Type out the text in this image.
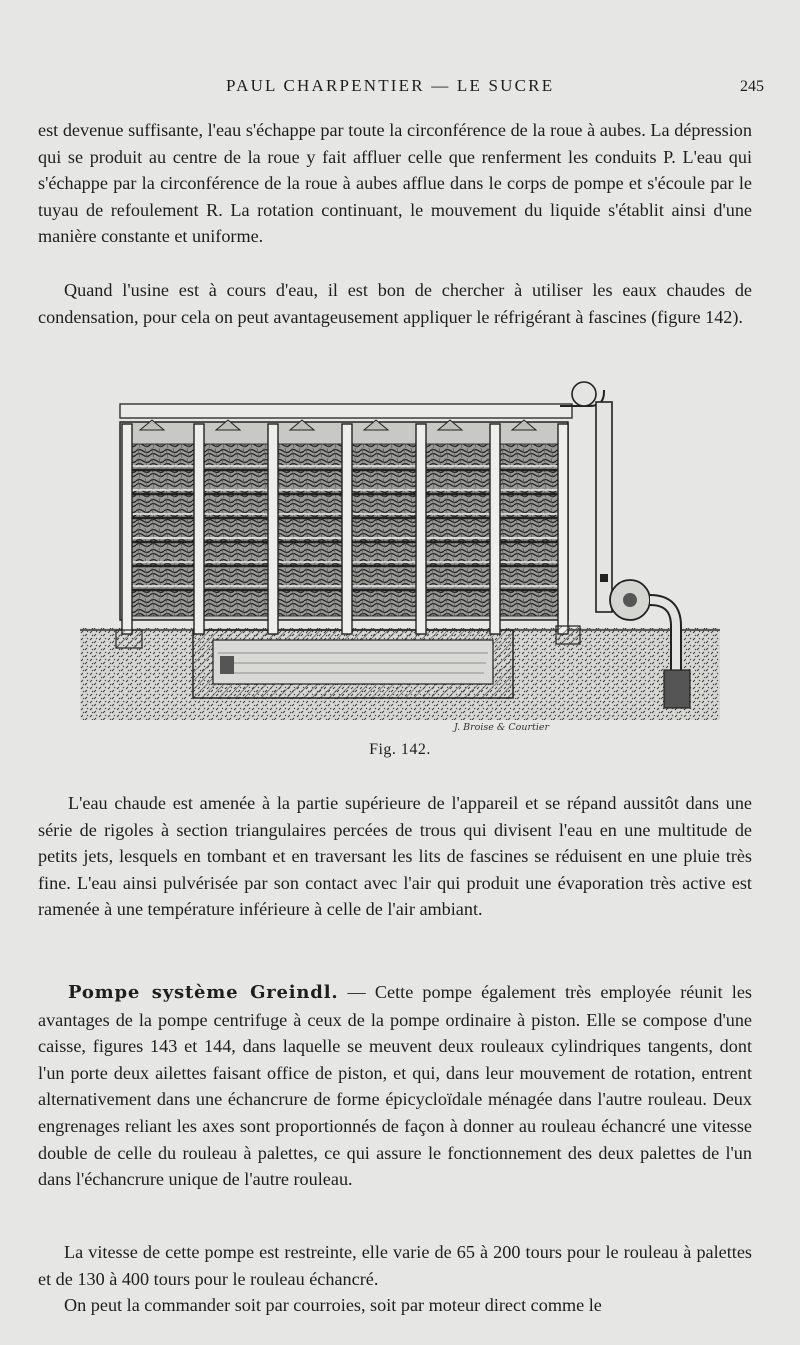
PAUL CHARPENTIER — LE SUCRE	245

est devenue suffisante, l'eau s'échappe par toute la circonférence de la roue à aubes. La dépression qui se produit au centre de la roue y fait affluer celle que renferment les conduits P. L'eau qui s'échappe par la circonférence de la roue à aubes afflue dans le corps de pompe et s'écoule par le tuyau de refoulement R. La rotation continuant, le mouvement du liquide s'établit ainsi d'une manière constante et uniforme.

Quand l'usine est à cours d'eau, il est bon de chercher à utiliser les eaux chaudes de condensation, pour cela on peut avantageusement appliquer le réfrigérant à fascines (figure 142).

J. Broise & Courtier
Fig. 142.

L'eau chaude est amenée à la partie supérieure de l'appareil et se répand aussitôt dans une série de rigoles à section triangulaires percées de trous qui divisent l'eau en une multitude de petits jets, lesquels en tombant et en traversant les lits de fascines se réduisent en une pluie très fine. L'eau ainsi pulvérisée par son contact avec l'air qui produit une évaporation très active est ramenée à une température inférieure à celle de l'air ambiant.

Pompe système Greindl. — Cette pompe également très employée réunit les avantages de la pompe centrifuge à ceux de la pompe ordinaire à piston. Elle se compose d'une caisse, figures 143 et 144, dans laquelle se meuvent deux rouleaux cylindriques tangents, dont l'un porte deux ailettes faisant office de piston, et qui, dans leur mouvement de rotation, entrent alternativement dans une échancrure de forme épicycloïdale ménagée dans l'autre rouleau. Deux engrenages reliant les axes sont proportionnés de façon à donner au rouleau échancré une vitesse double de celle du rouleau à palettes, ce qui assure le fonctionnement des deux palettes de l'un dans l'échancrure unique de l'autre rouleau.

La vitesse de cette pompe est restreinte, elle varie de 65 à 200 tours pour le rouleau à palettes et de 130 à 400 tours pour le rouleau échancré.

On peut la commander soit par courroies, soit par moteur direct comme le
